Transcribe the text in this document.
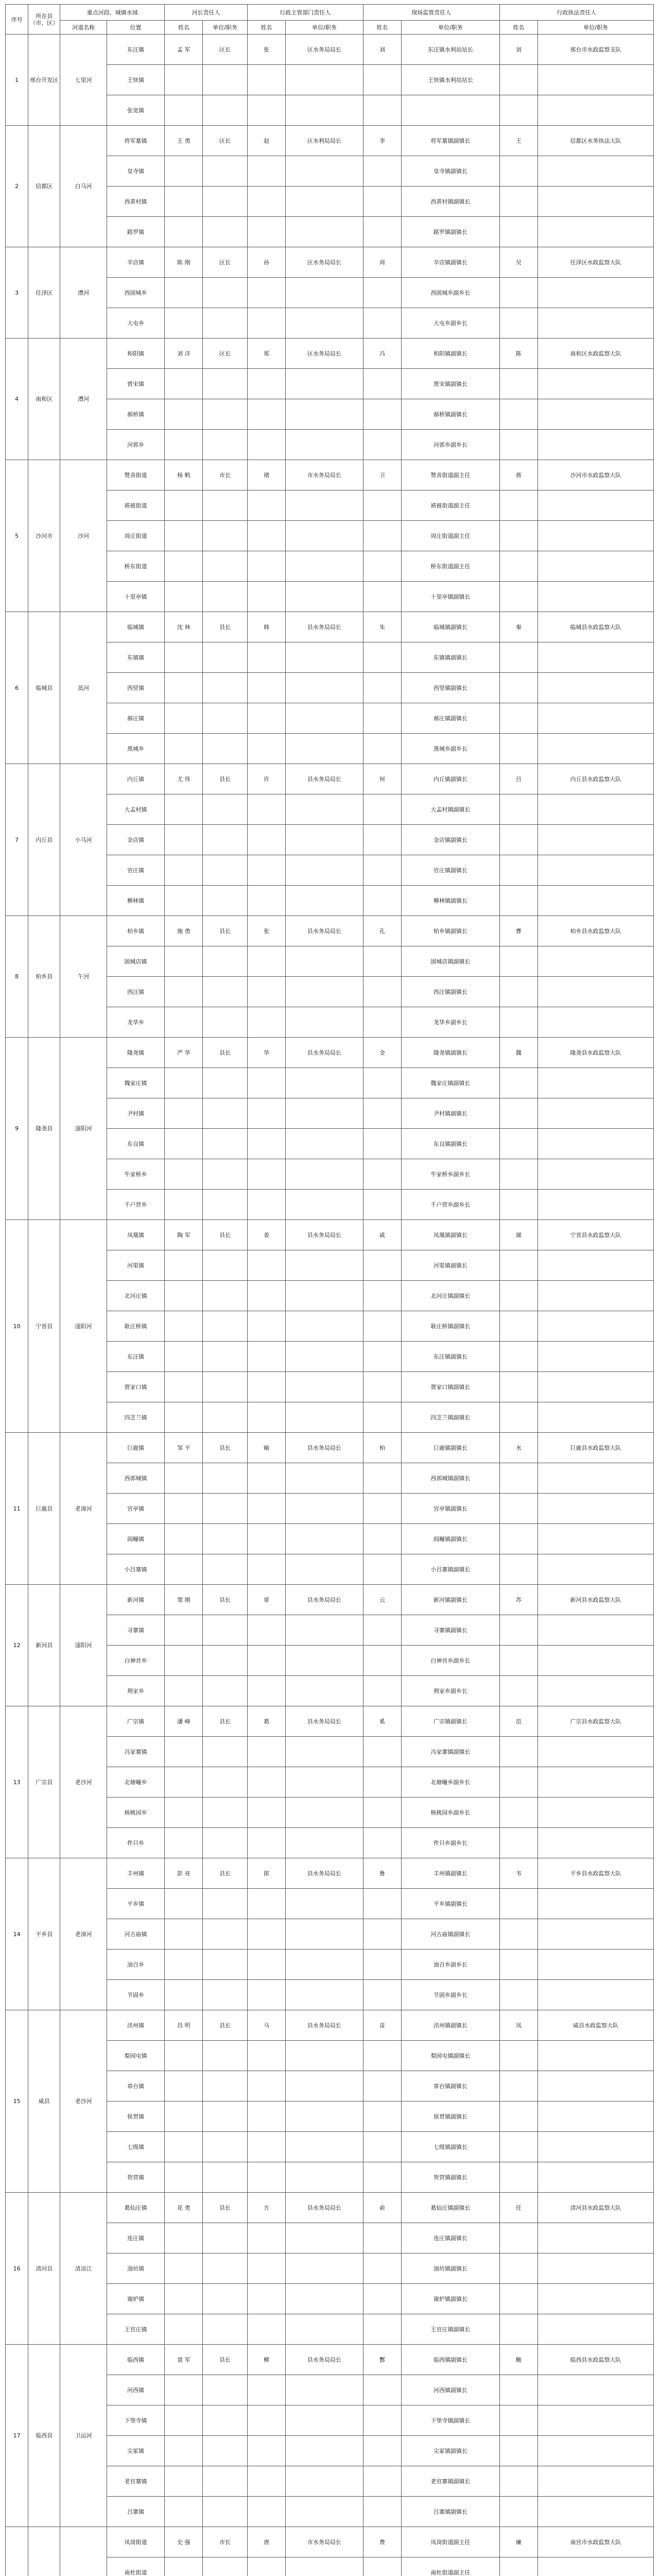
序号	所在县（市、区）	重点河段、城镇水域		河长责任人		行政主管部门责任人		现场监管责任人		行政执法责任人	
		河道名称	位置	姓名	单位/职务	姓名	单位/职务	姓名	单位/职务	姓名	单位/职务
1	邢台开发区	七里河	东汪镇	孟 军	区长	张	区水务局局长	刘	东汪镇水利站站长	刘	邢台市水政监察支队
			王快镇						王快镇水利站站长		
			张宽镇								
2	信都区	白马河	将军墓镇	王 勇	区长	赵	区水利局局长	李	将军墓镇副镇长	王	信都区水务执法大队
			皇寺镇						皇寺镇副镇长		
			西黄村镇						西黄村镇副镇长		
			路罗镇						路罗镇副镇长		
3	任泽区	澧河	辛店镇	陈 刚	区长	孙	区水务局局长	周	辛店镇副镇长	吴	任泽区水政监察大队
			西固城乡						西固城乡副乡长		
			大屯乡						大屯乡副乡长		
4	南和区	澧河	和阳镇	刘 洋	区长	郑	区水务局局长	冯	和阳镇副镇长	陈	南和区水政监察大队
			贾宋镇						贾宋镇副镇长		
			郝桥镇						郝桥镇副镇长		
			河郭乡						河郭乡副乡长		
5	沙河市	沙河	赞善街道	杨 帆	市长	褚	市水务局局长	卫	赞善街道副主任	蒋	沙河市水政监察大队
			褡裢街道						褡裢街道副主任		
			周庄街道						周庄街道副主任		
			桥东街道						桥东街道副主任		
			十里亭镇						十里亭镇副镇长		
6	临城县	泜河	临城镇	沈 林	县长	韩	县水务局局长	朱	临城镇副镇长	秦	临城县水政监察大队
			东镇镇						东镇镇副镇长		
			西竖镇						西竖镇副镇长		
			郝庄镇						郝庄镇副镇长		
			黑城乡						黑城乡副乡长		
7	内丘县	小马河	内丘镇	尤 伟	县长	许	县水务局局长	何	内丘镇副镇长	吕	内丘县水政监察大队
			大孟村镇						大孟村镇副镇长		
			金店镇						金店镇副镇长		
			官庄镇						官庄镇副镇长		
			柳林镇						柳林镇副镇长		
8	柏乡县	午河	柏乡镇	施 勇	县长	张	县水务局局长	孔	柏乡镇副镇长	曹	柏乡县水政监察大队
			固城店镇						固城店镇副镇长		
			西汪镇						西汪镇副镇长		
			龙华乡						龙华乡副乡长		
9	隆尧县	滏阳河	隆尧镇	严 华	县长	华	县水务局局长	金	隆尧镇副镇长	魏	隆尧县水政监察大队
			魏家庄镇						魏家庄镇副镇长		
			尹村镇						尹村镇副镇长		
			东良镇						东良镇副镇长		
			牛家桥乡						牛家桥乡副乡长		
			千户营乡						千户营乡副乡长		
10	宁晋县	滏阳河	凤凰镇	陶 军	县长	姜	县水务局局长	戚	凤凰镇副镇长	谢	宁晋县水政监察大队
			河渠镇						河渠镇副镇长		
			北河庄镇						北河庄镇副镇长		
			耿庄桥镇						耿庄桥镇副镇长		
			东汪镇						东汪镇副镇长		
			贾家口镇						贾家口镇副镇长		
			四芝兰镇						四芝兰镇副镇长		
11	巨鹿县	老漳河	巨鹿镇	邹 平	县长	喻	县水务局局长	柏	巨鹿镇副镇长	水	巨鹿县水政监察大队
			西郭城镇						西郭城镇副镇长		
			官亭镇						官亭镇副镇长		
			阎疃镇						阎疃镇副镇长		
			小吕寨镇						小吕寨镇副镇长		
12	新河县	滏阳河	新河镇	窦 刚	县长	章	县水务局局长	云	新河镇副镇长	苏	新河县水政监察大队
			寻寨镇						寻寨镇副镇长		
			白神首乡						白神首乡副乡长		
			荆家乡						荆家乡副乡长		
13	广宗县	老沙河	广宗镇	潘 峰	县长	葛	县水务局局长	奚	广宗镇副镇长	范	广宗县水政监察大队
			冯家寨镇						冯家寨镇副镇长		
			北塘疃乡						北塘疃乡副乡长		
			核桃园乡						核桃园乡副乡长		
			件只乡						件只乡副乡长		
14	平乡县	老漳河	丰州镇	彭 亮	县长	郎	县水务局局长	鲁	丰州镇副镇长	韦	平乡县水政监察大队
			平乡镇						平乡镇副镇长		
			河古庙镇						河古庙镇副镇长		
			油召乡						油召乡副乡长		
			节固乡						节固乡副乡长		
15	威县	老沙河	洺州镇	昌 明	县长	马	县水务局局长	苗	洺州镇副镇长	凤	威县水政监察大队
			梨园屯镇						梨园屯镇副镇长		
			章台镇						章台镇副镇长		
			侯贯镇						侯贯镇副镇长		
			七级镇						七级镇副镇长		
			贺营镇						贺营镇副镇长		
16	清河县	清凉江	葛仙庄镇	花 勇	县长	方	县水务局局长	俞	葛仙庄镇副镇长	任	清河县水政监察大队
			连庄镇						连庄镇副镇长		
			油坊镇						油坊镇副镇长		
			谢炉镇						谢炉镇副镇长		
			王官庄镇						王官庄镇副镇长		
17	临西县	卫运河	临西镇	袁 军	县长	柳	县水务局局长	酆	临西镇副镇长	鲍	临西县水政监察大队
			河西镇						河西镇副镇长		
			下堡寺镇						下堡寺镇副镇长		
			尖冢镇						尖冢镇副镇长		
			老官寨镇						老官寨镇副镇长		
			吕寨镇						吕寨镇副镇长		
			凤岗街道	史 强	市长	唐	市水务局局长	费	凤岗街道副主任	廉	南宫市水政监察大队
			南杜街道						南杜街道副主任		
